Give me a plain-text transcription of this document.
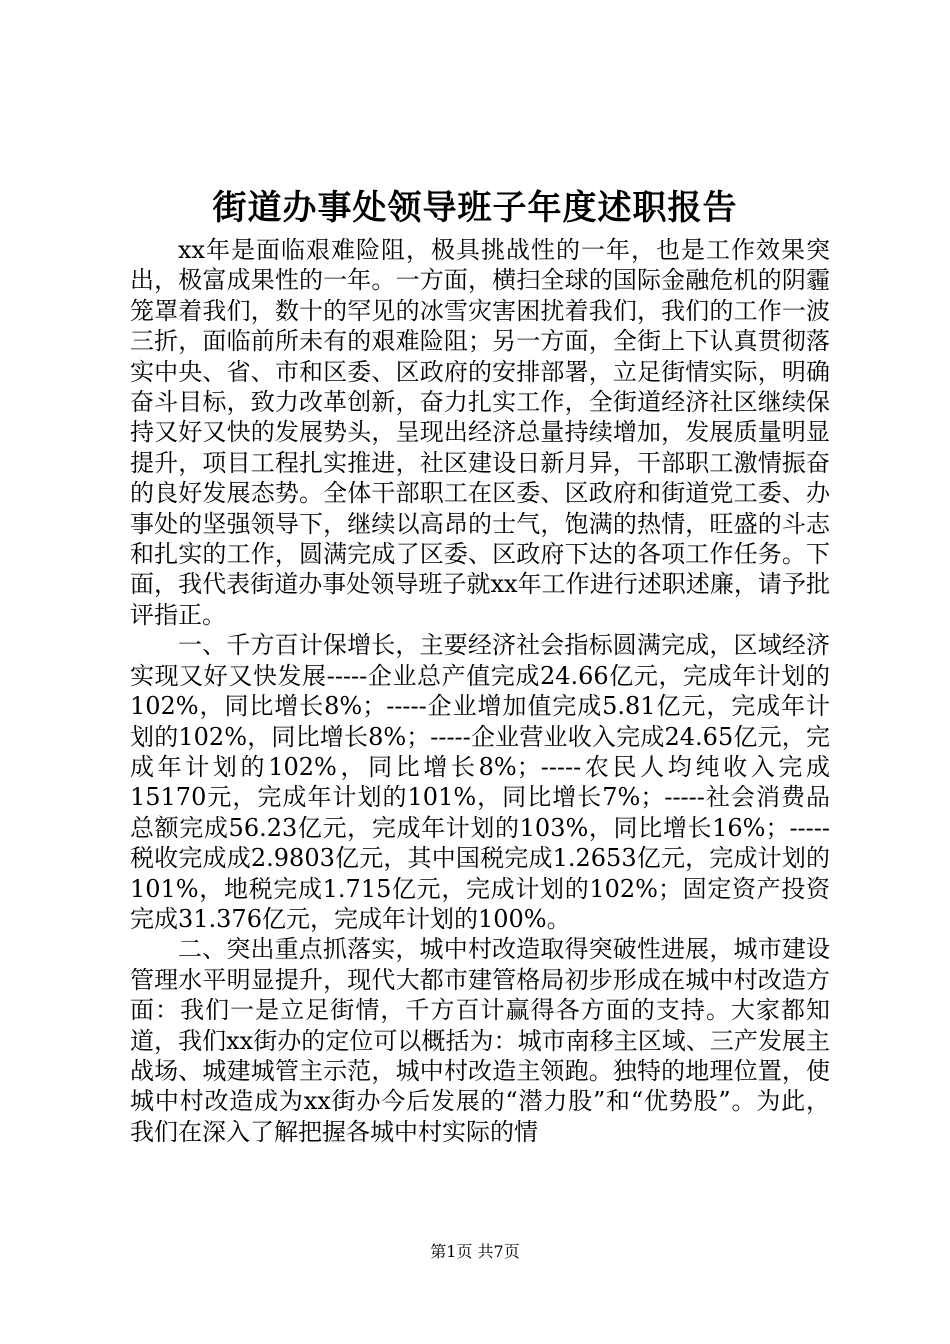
街道办事处领导班子年度述职报告

xx年是面临艰难险阻，极具挑战性的一年，也是工作效果突出，极富成果性的一年。一方面，横扫全球的国际金融危机的阴霾笼罩着我们，数十的罕见的冰雪灾害困扰着我们，我们的工作一波三折，面临前所未有的艰难险阻；另一方面，全街上下认真贯彻落实中央、省、市和区委、区政府的安排部署，立足街情实际，明确奋斗目标，致力改革创新，奋力扎实工作，全街道经济社区继续保持又好又快的发展势头，呈现出经济总量持续增加，发展质量明显提升，项目工程扎实推进，社区建设日新月异，干部职工激情振奋的良好发展态势。全体干部职工在区委、区政府和街道党工委、办事处的坚强领导下，继续以高昂的士气，饱满的热情，旺盛的斗志和扎实的工作，圆满完成了区委、区政府下达的各项工作任务。下面，我代表街道办事处领导班子就xx年工作进行述职述廉，请予批评指正。

一、千方百计保增长，主要经济社会指标圆满完成，区域经济实现又好又快发展-----企业总产值完成24.66亿元，完成年计划的102%，同比增长8%；-----企业增加值完成5.81亿元，完成年计划的102%，同比增长8%；-----企业营业收入完成24.65亿元，完成年计划的102%，同比增长8%；-----农民人均纯收入完成15170元，完成年计划的101%，同比增长7%；-----社会消费品总额完成56.23亿元，完成年计划的103%，同比增长16%；-----税收完成成2.9803亿元，其中国税完成1.2653亿元，完成计划的101%，地税完成1.715亿元，完成计划的102%；固定资产投资完成31.376亿元，完成年计划的100%。

二、突出重点抓落实，城中村改造取得突破性进展，城市建设管理水平明显提升，现代大都市建管格局初步形成在城中村改造方面：我们一是立足街情，千方百计赢得各方面的支持。大家都知道，我们xx街办的定位可以概括为：城市南移主区域、三产发展主战场、城建城管主示范，城中村改造主领跑。独特的地理位置，使城中村改造成为xx街办今后发展的“潜力股”和“优势股”。为此，我们在深入了解把握各城中村实际的情

第1页 共7页
